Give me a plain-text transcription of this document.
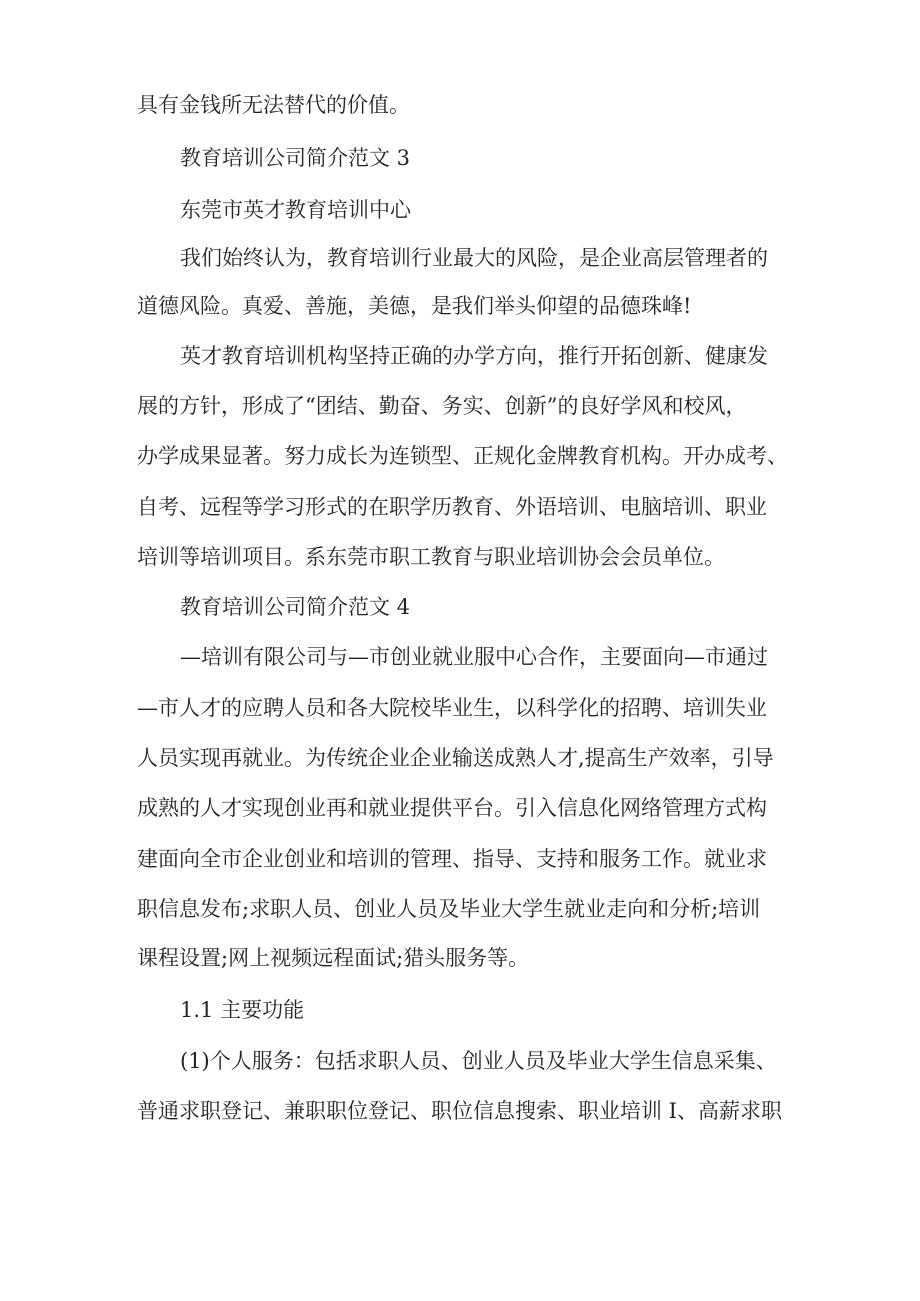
具有金钱所无法替代的价值。
教育培训公司简介范文 3
东莞市英才教育培训中心
我们始终认为，教育培训行业最大的风险，是企业高层管理者的
道德风险。真爱、善施，美德，是我们举头仰望的品德珠峰!
英才教育培训机构坚持正确的办学方向，推行开拓创新、健康发
展的方针，形成了“团结、勤奋、务实、创新”的良好学风和校风，
办学成果显著。努力成长为连锁型、正规化金牌教育机构。开办成考、
自考、远程等学习形式的在职学历教育、外语培训、电脑培训、职业
培训等培训项目。系东莞市职工教育与职业培训协会会员单位。
教育培训公司简介范文 4
—培训有限公司与—市创业就业服中心合作，主要面向—市通过
—市人才的应聘人员和各大院校毕业生，以科学化的招聘、培训失业
人员实现再就业。为传统企业企业输送成熟人才,提高生产效率，引导
成熟的人才实现创业再和就业提供平台。引入信息化网络管理方式构
建面向全市企业创业和培训的管理、指导、支持和服务工作。就业求
职信息发布;求职人员、创业人员及毕业大学生就业走向和分析;培训
课程设置;网上视频远程面试;猎头服务等。
1.1 主要功能
(1)个人服务：包括求职人员、创业人员及毕业大学生信息采集、
普通求职登记、兼职职位登记、职位信息搜索、职业培训 I、高薪求职
